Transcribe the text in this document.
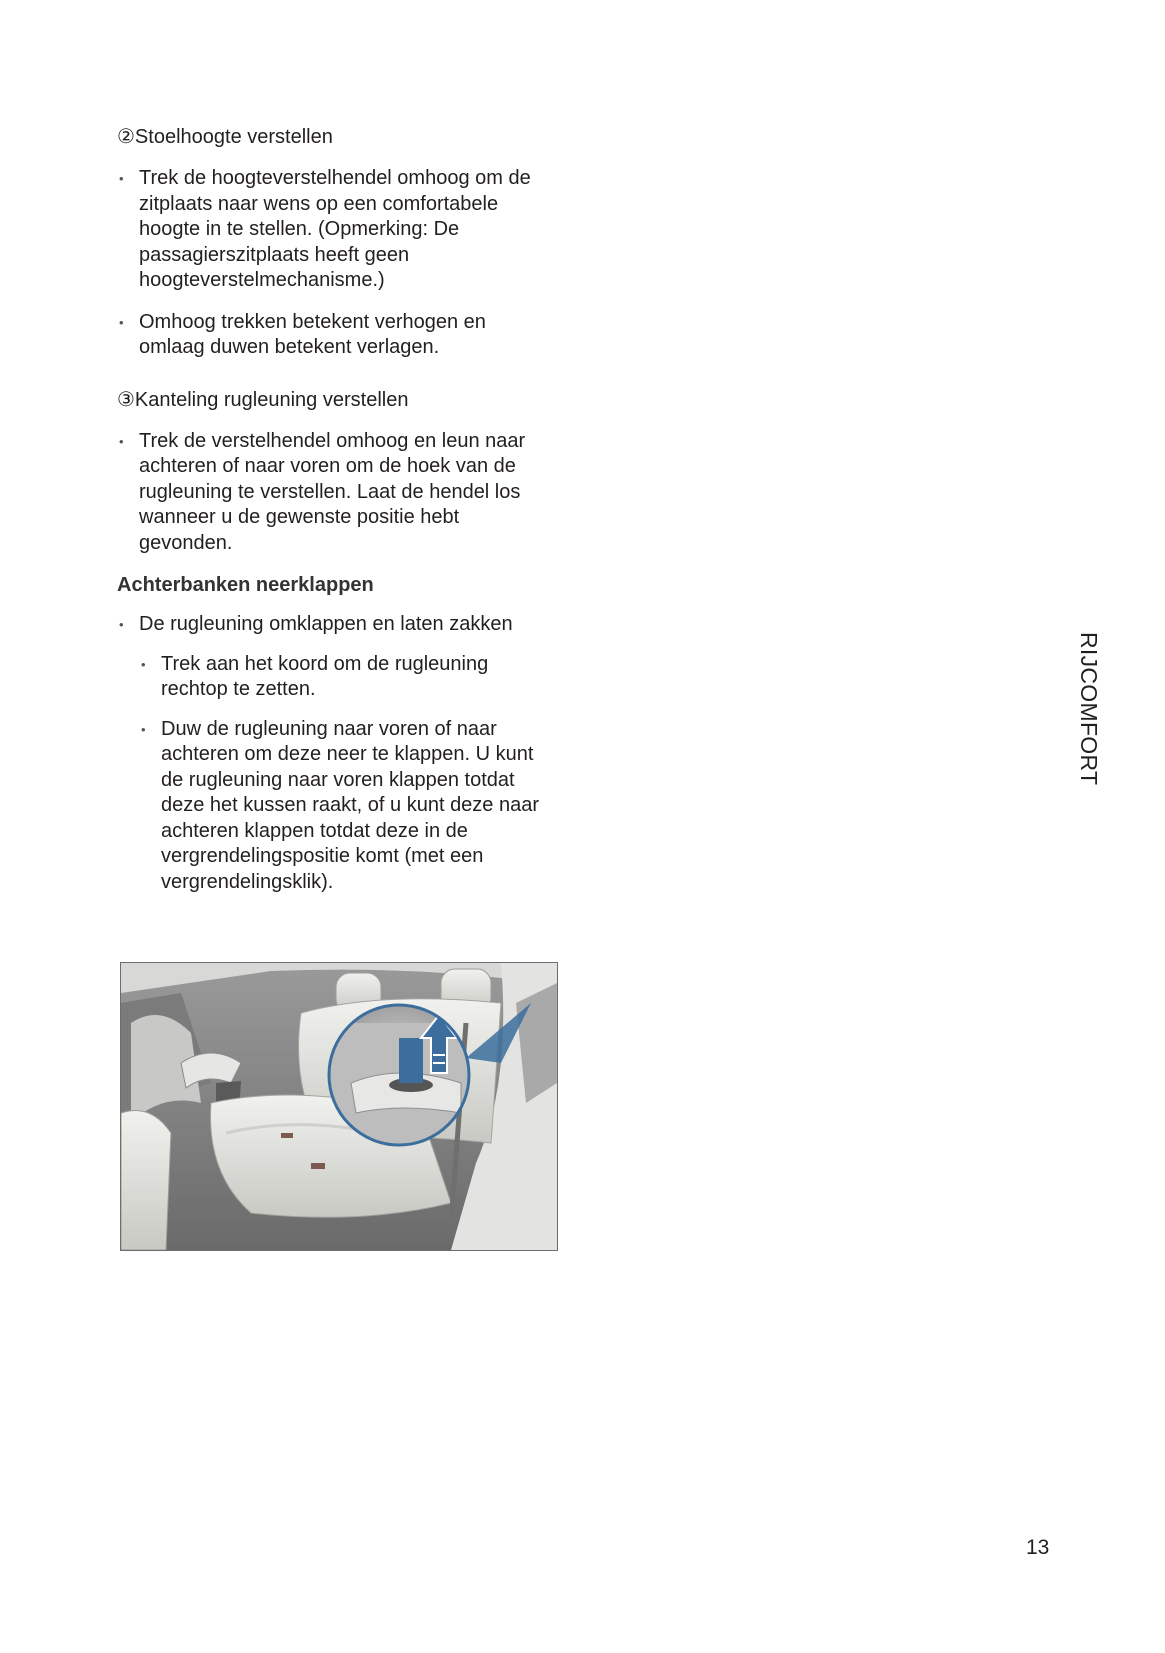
②Stoelhoogte verstellen
• Trek de hoogteverstelhendel omhoog om de zitplaats naar wens op een comfortabele hoogte in te stellen. (Opmerking: De passagierszitplaats heeft geen hoogteverstelmechanisme.)
• Omhoog trekken betekent verhogen en omlaag duwen betekent verlagen.
③Kanteling rugleuning verstellen
• Trek de verstelhendel omhoog en leun naar achteren of naar voren om de hoek van de rugleuning te verstellen. Laat de hendel los wanneer u de gewenste positie hebt gevonden.
Achterbanken neerklappen
• De rugleuning omklappen en laten zakken
• Trek aan het koord om de rugleuning rechtop te zetten.
• Duw de rugleuning naar voren of naar achteren om deze neer te klappen. U kunt de rugleuning naar voren klappen totdat deze het kussen raakt, of u kunt deze naar achteren klappen totdat deze in de vergrendelingspositie komt (met een vergrendelingsklik).
RIJCOMFORT
13
